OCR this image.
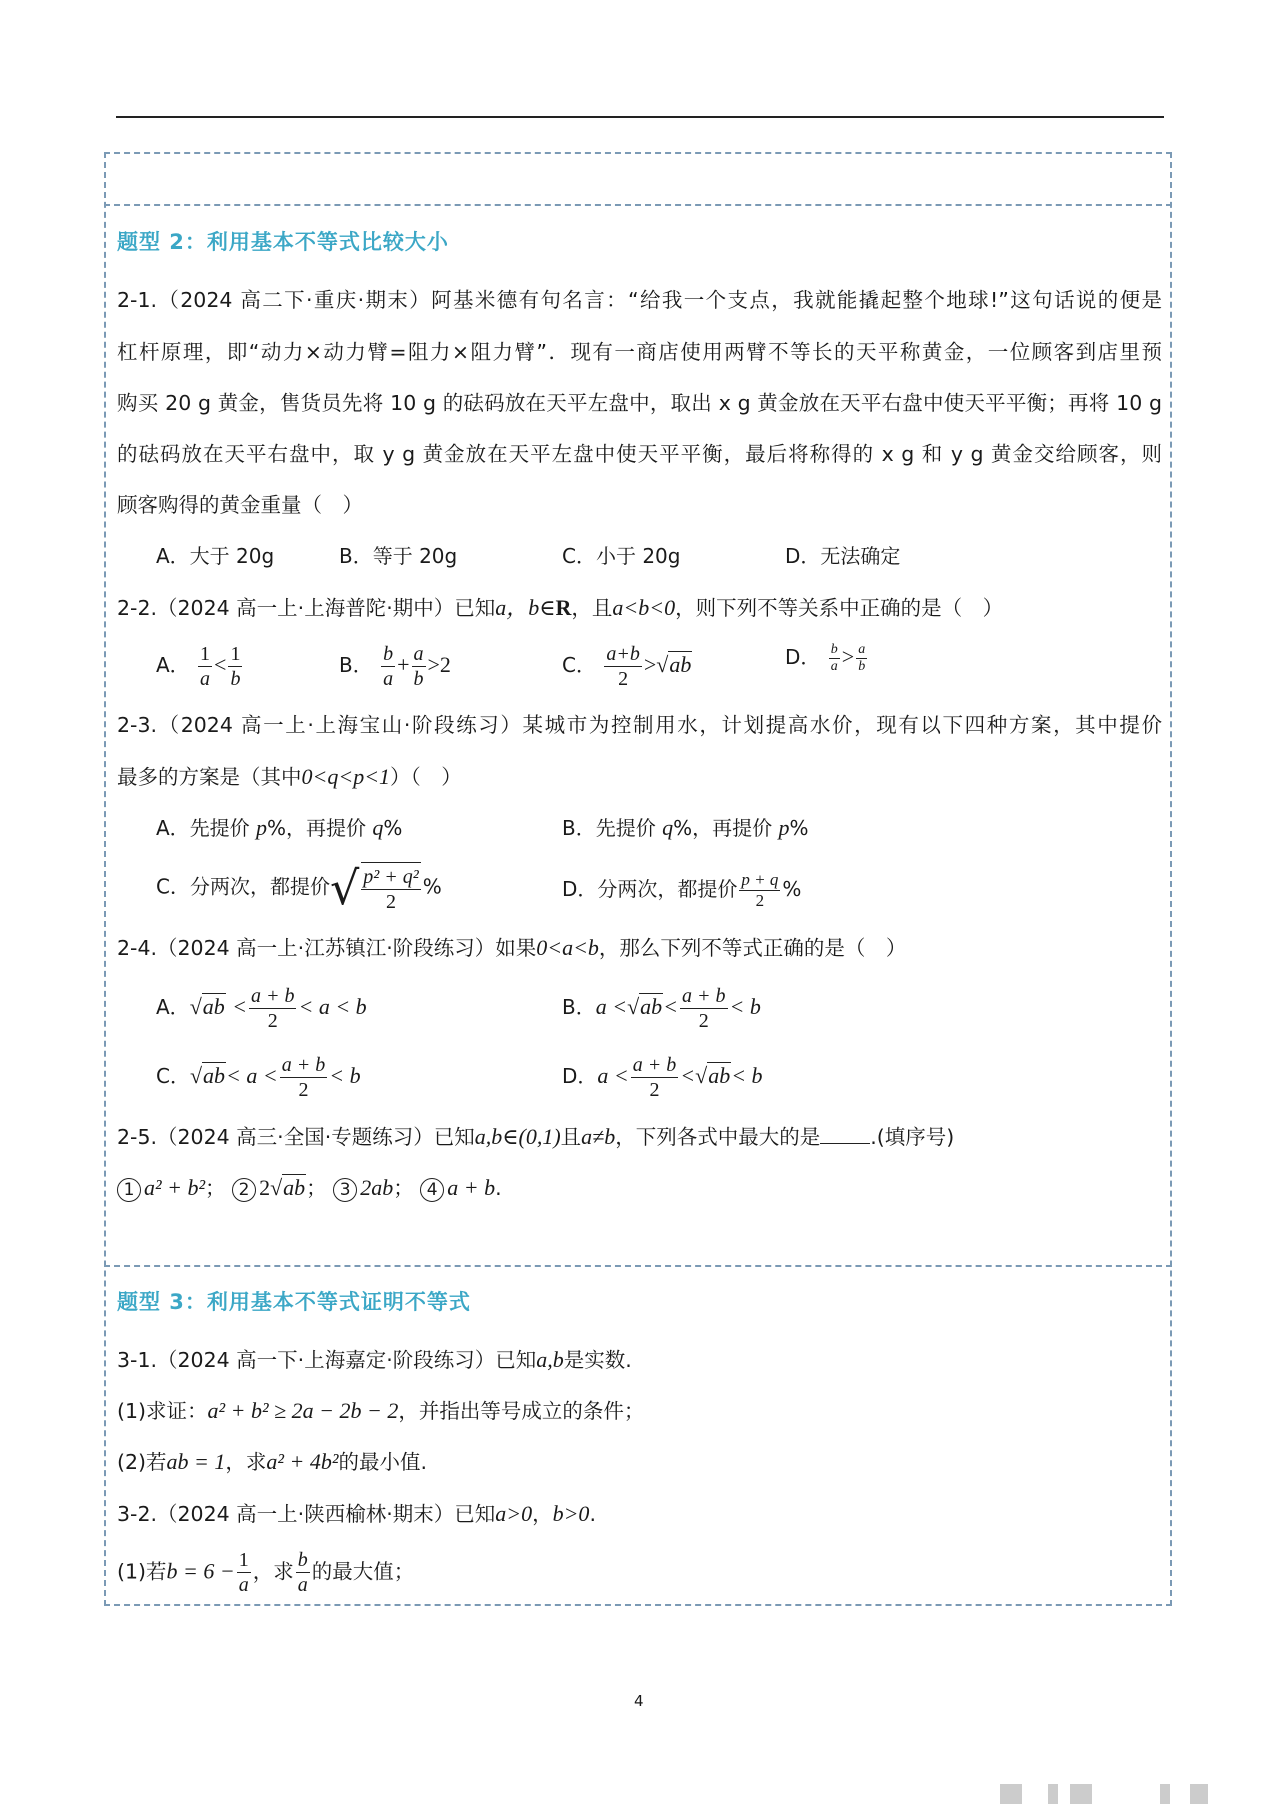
题型 2：利用基本不等式比较大小
2-1.（2024 高二下·重庆·期末）阿基米德有句名言：“给我一个支点，我就能撬起整个地球!”这句话说的便是
杠杆原理，即“动力×动力臂=阻力×阻力臂”．现有一商店使用两臂不等长的天平称黄金，一位顾客到店里预
购买 20 g 黄金，售货员先将 10 g 的砝码放在天平左盘中，取出 x g 黄金放在天平右盘中使天平平衡；再将 10 g
的砝码放在天平右盘中，取 y g 黄金放在天平左盘中使天平平衡，最后将称得的 x g 和 y g 黄金交给顾客，则
顾客购得的黄金重量（　）
A．大于 20g	B．等于 20g	C．小于 20g	D．无法确定
2-2.（2024 高一上·上海普陀·期中）已知a，b∈R，且a<b<0，则下列不等关系中正确的是（　）
A． $\frac{1}{a} < \frac{1}{b}$	B． $\frac{b}{a} + \frac{a}{b} >2$	C． $\frac{a+b}{2} >√ab$	D． $\frac{b}{a} > \frac{a}{b}$
2-3.（2024 高一上·上海宝山·阶段练习）某城市为控制用水，计划提高水价，现有以下四种方案，其中提价
最多的方案是（其中0<q<p<1）（　）
A．先提价 p%，再提价 q%	B．先提价 q%，再提价 p%
C．分两次，都提价 √ $\frac{\text{p² + q²}}{2}$ %	D．分两次，都提价 $\frac{p + q}{2}$ %
2-4.（2024 高一上·江苏镇江·阶段练习）如果0<a<b，那么下列不等式正确的是（　）
A．$√ab < \frac{a + b}{2} < a < b$	B．$a <√ab< \frac{a + b}{2} < b$
C．$√ab< a < \frac{a + b}{2} < b$	D．$a < \frac{a + b}{2} <√ab< b$
2-5.（2024 高三·全国·专题练习）已知a,b∈(0,1)且a≠b，下列各式中最大的是 .(填序号)
1 a² + b²； 2 2√ab； 3 2ab； 4 a + b.
题型 3：利用基本不等式证明不等式
3-1.（2024 高一下·上海嘉定·阶段练习）已知a,b是实数.
(1)求证：a² + b² ≥ 2a − 2b − 2，并指出等号成立的条件；
(2)若ab = 1，求a² + 4b²的最小值.
3-2.（2024 高一上·陕西榆林·期末）已知a>0，b>0.
(1)若$b = 6 - \frac{1}{a}$ ，求 $\frac{b}{a}$ 的最大值；
4
